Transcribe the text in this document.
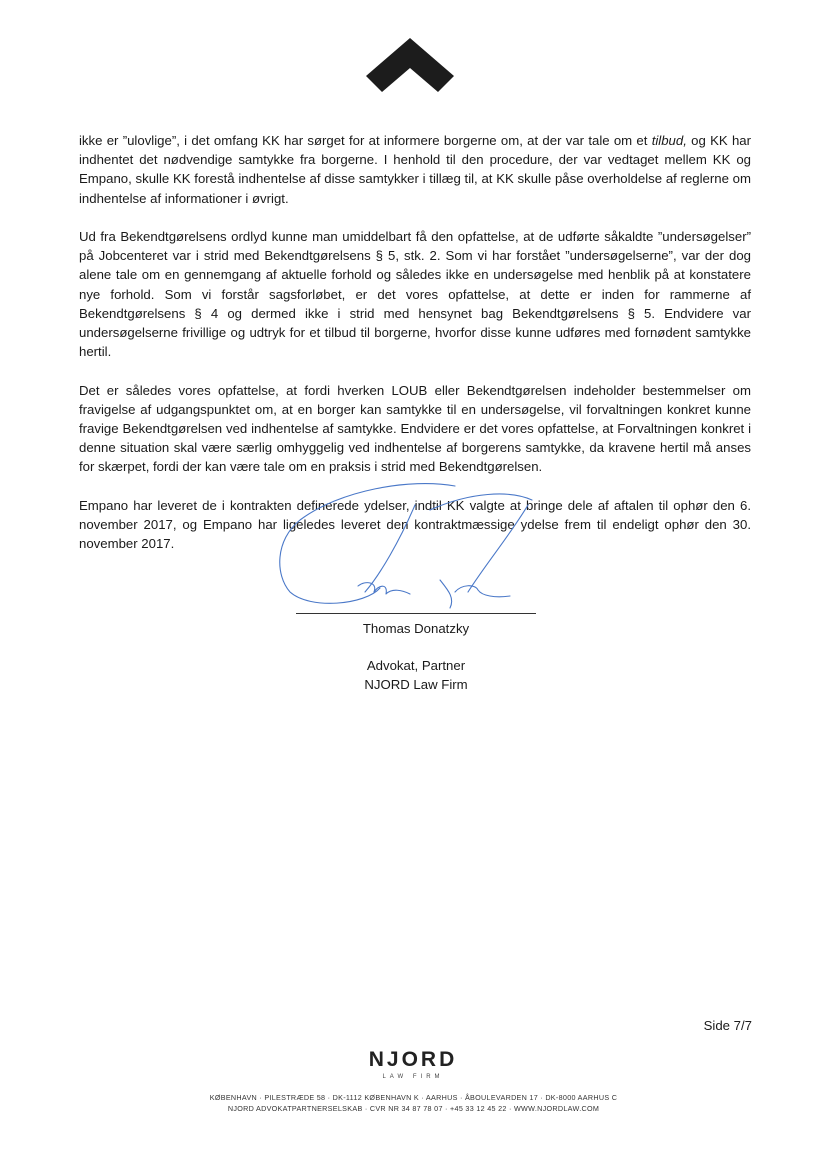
ikke er ”ulovlige”, i det omfang KK har sørget for at informere borgerne om, at der var tale om et tilbud, og KK har indhentet det nødvendige samtykke fra borgerne. I henhold til den procedure, der var vedtaget mellem KK og Empano, skulle KK forestå indhentelse af disse samtykker i tillæg til, at KK skulle påse overholdelse af reglerne om indhentelse af informationer i øvrigt.

Ud fra Bekendtgørelsens ordlyd kunne man umiddelbart få den opfattelse, at de udførte såkaldte ”undersøgelser” på Jobcenteret var i strid med Bekendtgørelsens § 5, stk. 2. Som vi har forstået ”undersøgelserne”, var der dog alene tale om en gennemgang af aktuelle forhold og således ikke en undersøgelse med henblik på at konstatere nye forhold. Som vi forstår sagsforløbet, er det vores opfattelse, at dette er inden for rammerne af Bekendtgørelsens § 4 og dermed ikke i strid med hensynet bag Bekendtgørelsens § 5. Endvidere var undersøgelserne frivillige og udtryk for et tilbud til borgerne, hvorfor disse kunne udføres med fornødent samtykke hertil.

Det er således vores opfattelse, at fordi hverken LOUB eller Bekendtgørelsen indeholder bestemmelser om fravigelse af udgangspunktet om, at en borger kan samtykke til en undersøgelse, vil forvaltningen konkret kunne fravige Bekendtgørelsen ved indhentelse af samtykke. Endvidere er det vores opfattelse, at Forvaltningen konkret i denne situation skal være særlig omhyggelig ved indhentelse af borgerens samtykke, da kravene hertil må anses for skærpet, fordi der kan være tale om en praksis i strid med Bekendtgørelsen.

Empano har leveret de i kontrakten definerede ydelser, indtil KK valgte at bringe dele af aftalen til ophør den 6. november 2017, og Empano har ligeledes leveret den kontraktmæssige ydelse frem til endeligt ophør den 30. november 2017.

Thomas Donatzky
Advokat, Partner
NJORD Law Firm
Side 7/7
NJORD
LAW FIRM
KØBENHAVN · PILESTRÆDE 58 · DK-1112 KØBENHAVN K · AARHUS · ÅBOULEVARDEN 17 · DK-8000 AARHUS C
NJORD ADVOKATPARTNERSELSKAB · CVR NR 34 87 78 07 · +45 33 12 45 22 · WWW.NJORDLAW.COM
